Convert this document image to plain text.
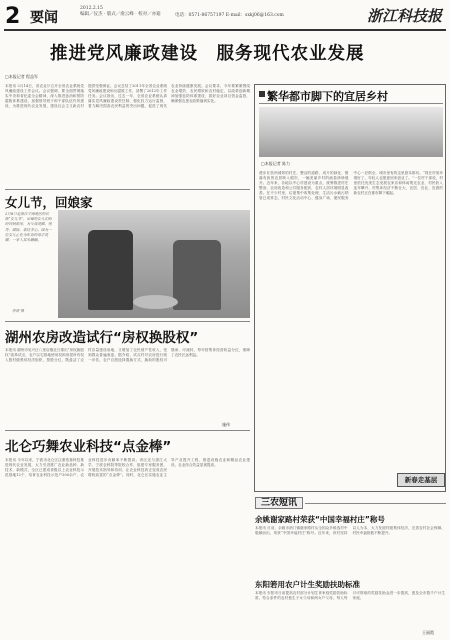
2 要闻
2012.2.15
编辑／仪杰 · 版式／俞云峰 · 校对／亦迪	电话：0571-86757197 E-mail：sxkj06@163.com	浙江科技报
推进党风廉政建设　服务现代农业发展
□本报记者 程益军
本报讯 2月14日，省农业厅召开全省农业系统党风廉政建设工作会议。会议强调，要全面贯彻落实中央和省纪委全会精神，深入推进惩治和预防腐败体系建设，加强领导班子和干部队伍作风建设，为推进现代农业发展、建设社会主义新农村提供坚强保证。会议总结了2011年全省农业系统党风廉政建设和反腐败工作，部署了2012年工作任务。会议指出，过去一年，全省农业系统认真落实党风廉政建设责任制，强化权力运行监督，着力解决损害农民利益的突出问题，促进了现代农业持续健康发展。会议要求，今年要紧紧围绕农业增效、农民增收和农村稳定，以改革创新精神加强惩防体系建设，抓好农业项目资金监管，确保强农惠农政策落到实处。
女儿节，回娘家
2月8日是浙江宁海地区的传统“女儿节”，出嫁的女儿们纷纷回到娘家，为父母洗脚、捶背、做饭，表达孝心。图为一位女儿正在为年迈的母亲洗脚，一家人其乐融融。
李铭 摄
湖州农房改造试行“房权换股权”
本报讯 湖州市吴兴区八里店镇近日推出“房权换股权”改革试点，农户以宅基地使用权和房屋所有权入股村级集体经济组织，按股分红，既盘活了农村存量建设用地，又增加了农民财产性收入，受到群众普遍欢迎。据介绍，试点村对农房进行统一评估，农户自愿选择置换方式，换取的股权可继承、可流转，每年按集体经营收益分红，保障了农民长远利益。
施伟
北仑巧舞农业科技“点金棒”
本报讯 今年以来，宁波市北仑区注重依靠科技推进现代农业发展，大力引进推广农业新品种、新技术、新模式，全区已建成省级以上农业科技示范基地12个，培育农业科技示范户300余户，农业科技进步贡献率不断提高。该区还与浙江大学、宁波农科院等院校合作，组建专家服务团，开展技术指导和培训，让农业科技真正变成农民增收致富的“点金棒”。同时，北仑区实施农业主导产业提升工程，推进设施农业和精品农业建设，农业综合效益显著提高。
繁华都市脚下的宜居乡村
□本报记者 陈力
漫步在杭州城郊的村庄，整洁的道路、成片的绿化、错落有致的农居映入眼帘，一幅美丽乡村的画卷徐徐展开。近年来，各地以中心村建设为重点，统筹推进村庄整治、农房改造和公共服务配套，农村人居环境明显改善。在不少村里，垃圾集中收集处理、生活污水截污纳管已成常态，村民文化活动中心、健身广场、便民服务中心一应俱全，城市里有的这里基本都有。“现在村里环境好了，年轻人也愿意回来创业了。”一位村干部说，村里依托优美生态发展农家乐和休闲观光农业，村民收入连年攀升，村集体经济不断壮大，宜居、宜业、宜游的新农村正在都市脚下崛起。
新春走基层
三农短讯
余姚谢家路村荣获“中国幸福村庄”称号
本报讯 日前，余姚市泗门镇谢家路村从全国众多候选村中脱颖而出，荣获“中国幸福村庄”称号。近年来，该村坚持以人为本，大力发展村级集体经济，完善农村社会保障，村民幸福指数不断提升。
东阳箬用农户计生奖励扶助标准
本报讯 东阳市日前提高农村部分计划生育家庭奖励扶助标准，符合条件的农村独生子女父母和两女户父母，每人每月可领取的奖励扶助金进一步提高，惠及全市数千户计生家庭。
王丽霞
